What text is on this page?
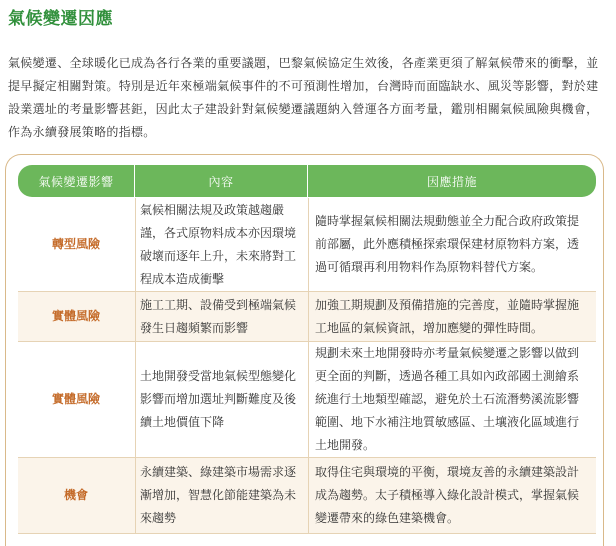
氣候變遷因應
氣候變遷、全球暖化已成為各行各業的重要議題，巴黎氣候協定生效後，各產業更須了解氣候帶來的衝擊，並提早擬定相關對策。特別是近年來極端氣候事件的不可預測性增加，台灣時而面臨缺水、風災等影響，對於建設業選址的考量影響甚鉅，因此太子建設針對氣候變遷議題納入營運各方面考量，鑑別相關氣候風險與機會，作為永續發展策略的指標。
氣候變遷影響	內容	因應措施
轉型風險
氣候相關法規及政策越趨嚴謹，各式原物料成本亦因環境破壞而逐年上升，未來將對工程成本造成衝擊
隨時掌握氣候相關法規動態並全力配合政府政策提前部屬，此外應積極探索環保建材原物料方案，透過可循環再利用物料作為原物料替代方案。
實體風險
施工工期、設備受到極端氣候發生日趨頻繁而影響
加強工期規劃及預備措施的完善度，並隨時掌握施工地區的氣候資訊，增加應變的彈性時間。
實體風險
土地開發受當地氣候型態變化影響而增加選址判斷難度及後續土地價值下降
規劃未來土地開發時亦考量氣候變遷之影響以做到更全面的判斷，透過各種工具如內政部國土測繪系統進行土地類型確認，避免於土石流潛勢溪流影響範圍、地下水補注地質敏感區、土壤液化區域進行土地開發。
機會
永續建築、綠建築市場需求逐漸增加，智慧化節能建築為未來趨勢
取得住宅與環境的平衡，環境友善的永續建築設計成為趨勢。太子積極導入綠化設計模式，掌握氣候變遷帶來的綠色建築機會。
